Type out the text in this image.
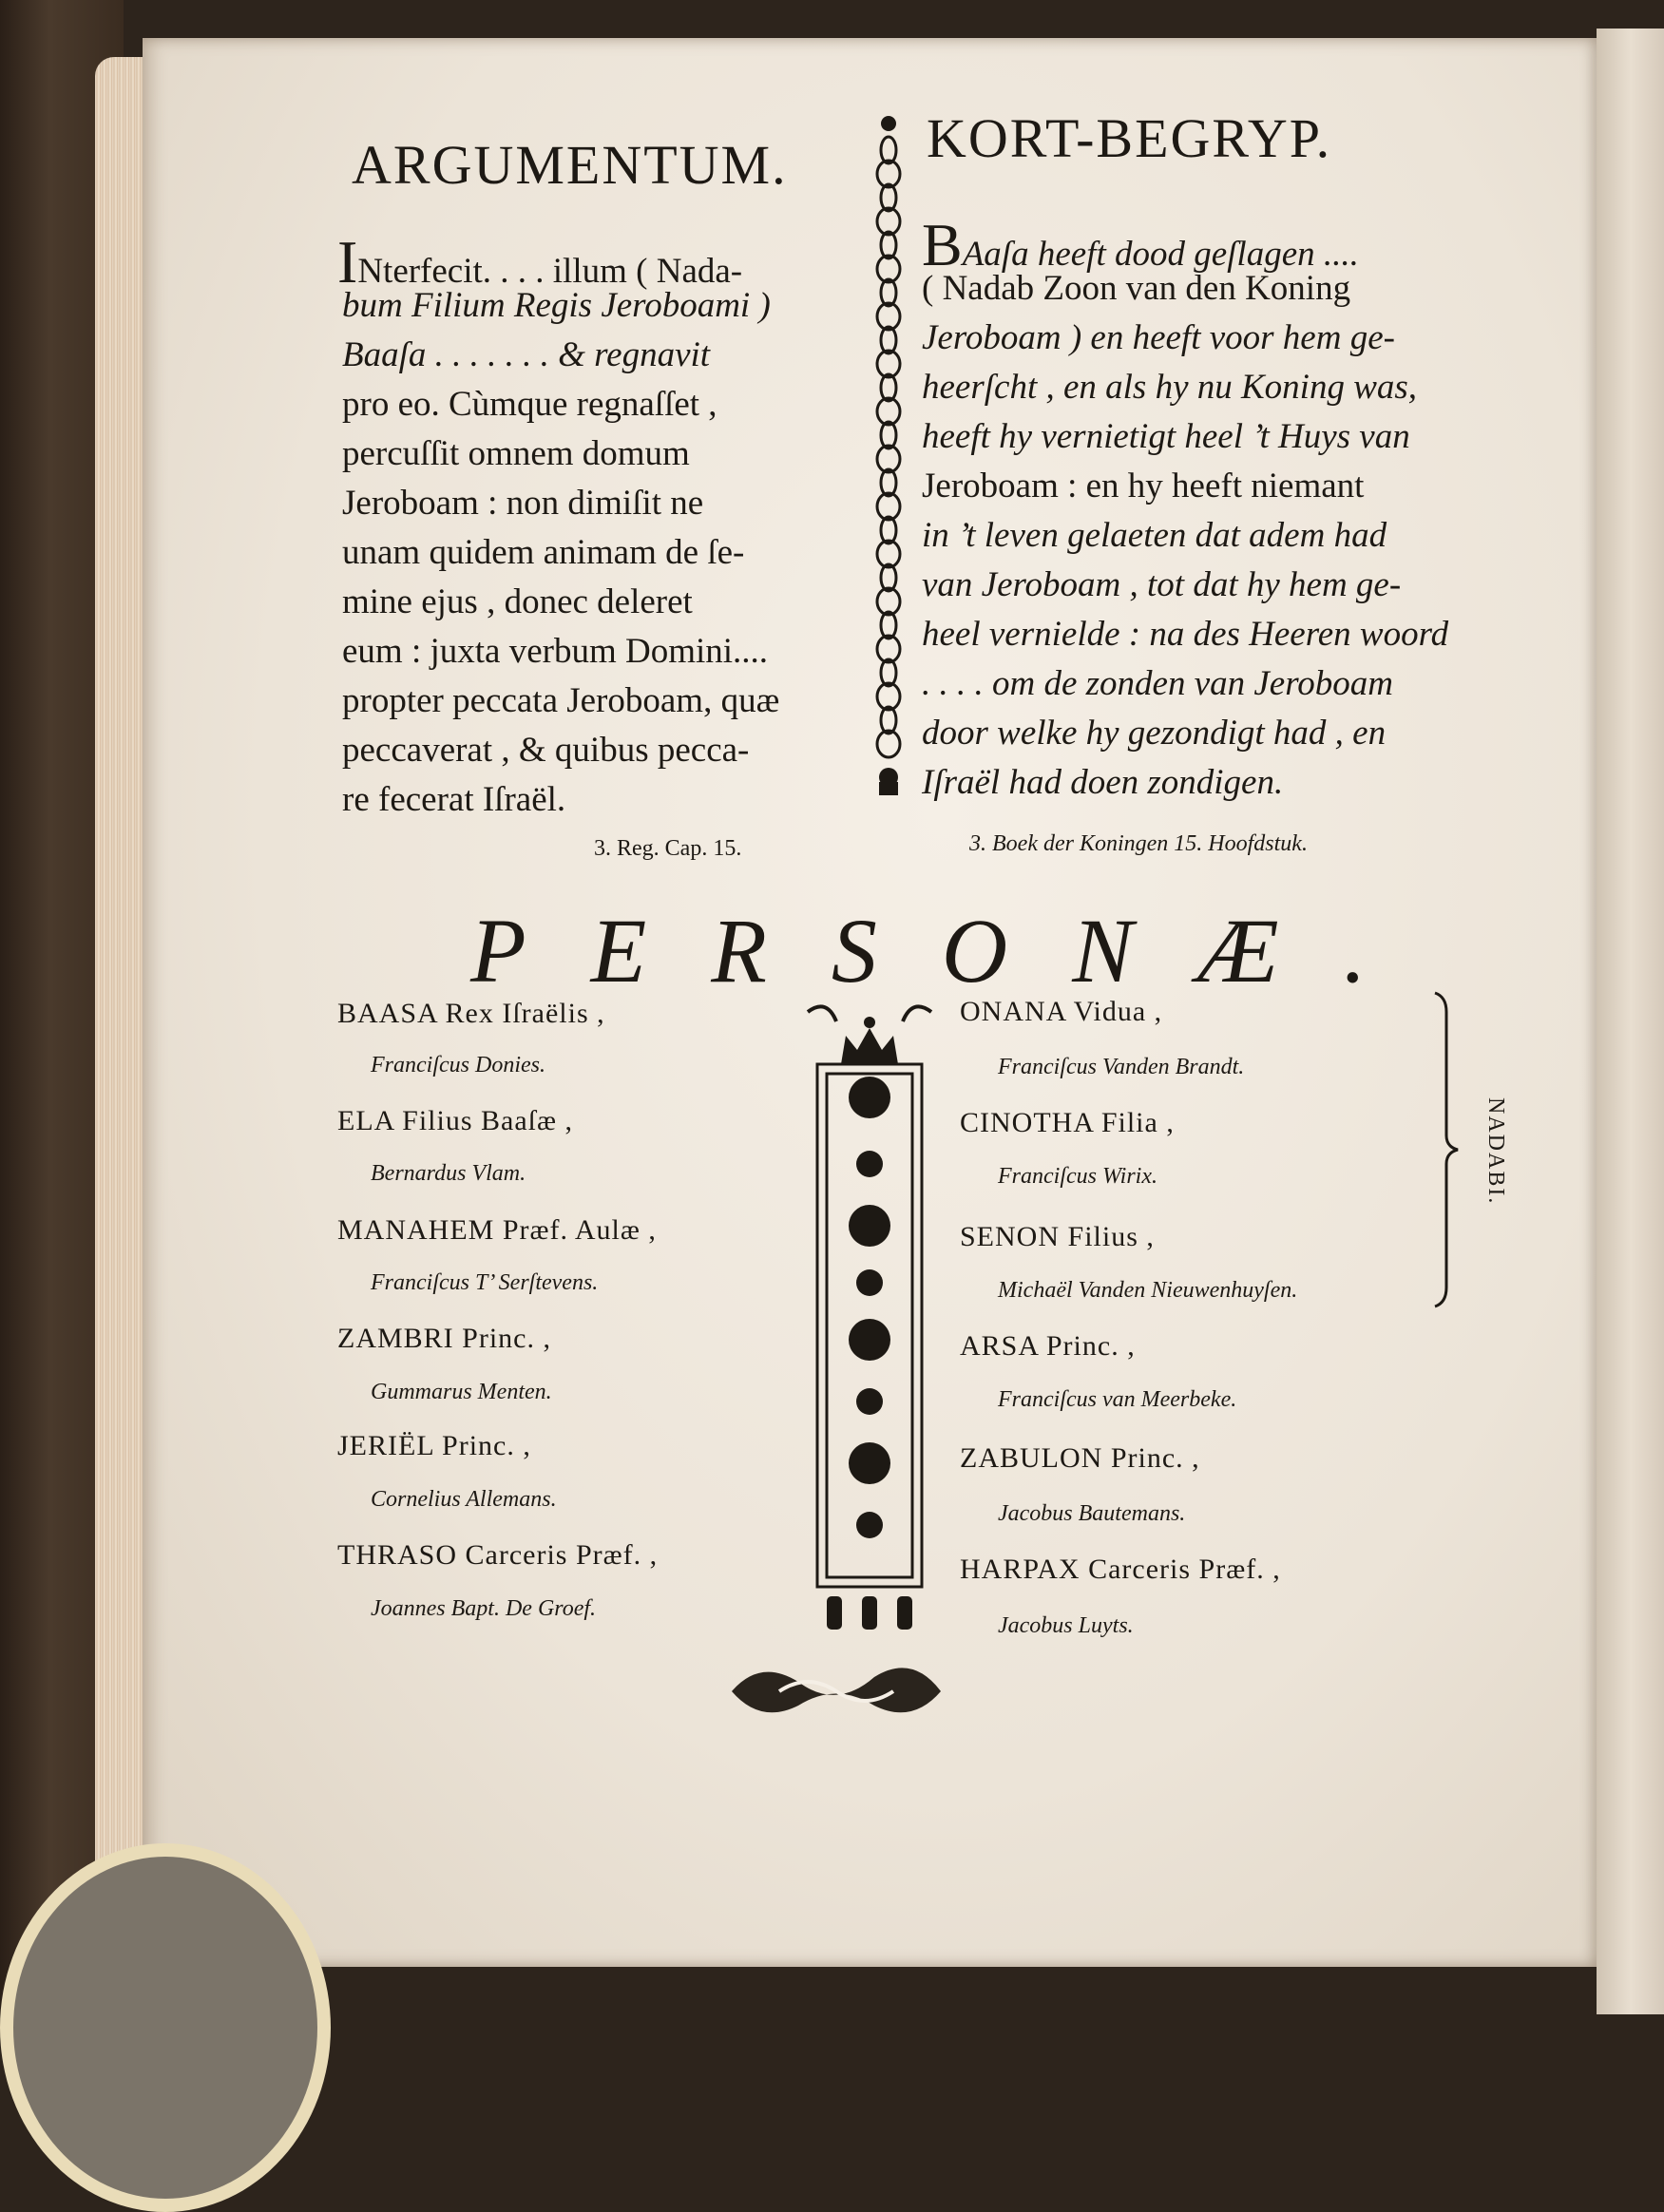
ARGUMENTUM.
INterfecit. . . . illum ( Nada-
bum Filium Regis Jeroboami )
Baaſa . . . . . . . & regnavit
pro eo. Cùmque regnaſſet ,
percuſſit omnem domum
Jeroboam : non dimiſit ne
unam quidem animam de ſe-
mine ejus , donec deleret
eum : juxta verbum Domini....
propter peccata Jeroboam, quæ
peccaverat , & quibus pecca-
re fecerat Iſraël.
3. Reg. Cap. 15.
KORT-BEGRYP.
BAaſa heeft dood geſlagen ....
( Nadab Zoon van den Koning
Jeroboam ) en heeft voor hem ge-
heerſcht , en als hy nu Koning was,
heeft hy vernietigt heel ’t Huys van
Jeroboam : en hy heeft niemant
in ’t leven gelaeten dat adem had
van Jeroboam , tot dat hy hem ge-
heel vernielde : na des Heeren woord
. . . . om de zonden van Jeroboam
door welke hy gezondigt had , en
Iſraël had doen zondigen.
3. Boek der Koningen 15. Hoofdstuk.
PERSONÆ.
BAASA Rex Iſraëlis ,
Franciſcus Donies.
ELA Filius Baaſæ ,
Bernardus Vlam.
MANAHEM Præf. Aulæ ,
Franciſcus T’ Serſtevens.
ZAMBRI Princ. ,
Gummarus Menten.
JERIËL Princ. ,
Cornelius Allemans.
THRASO Carceris Præf. ,
Joannes Bapt. De Groef.
ONANA Vidua ,
Franciſcus Vanden Brandt.
CINOTHA Filia ,
Franciſcus Wirix.
SENON Filius ,
Michaël Vanden Nieuwenhuyſen.
ARSA Princ. ,
Franciſcus van Meerbeke.
ZABULON Princ. ,
Jacobus Bautemans.
HARPAX Carceris Præf. ,
Jacobus Luyts.
NADABI.
